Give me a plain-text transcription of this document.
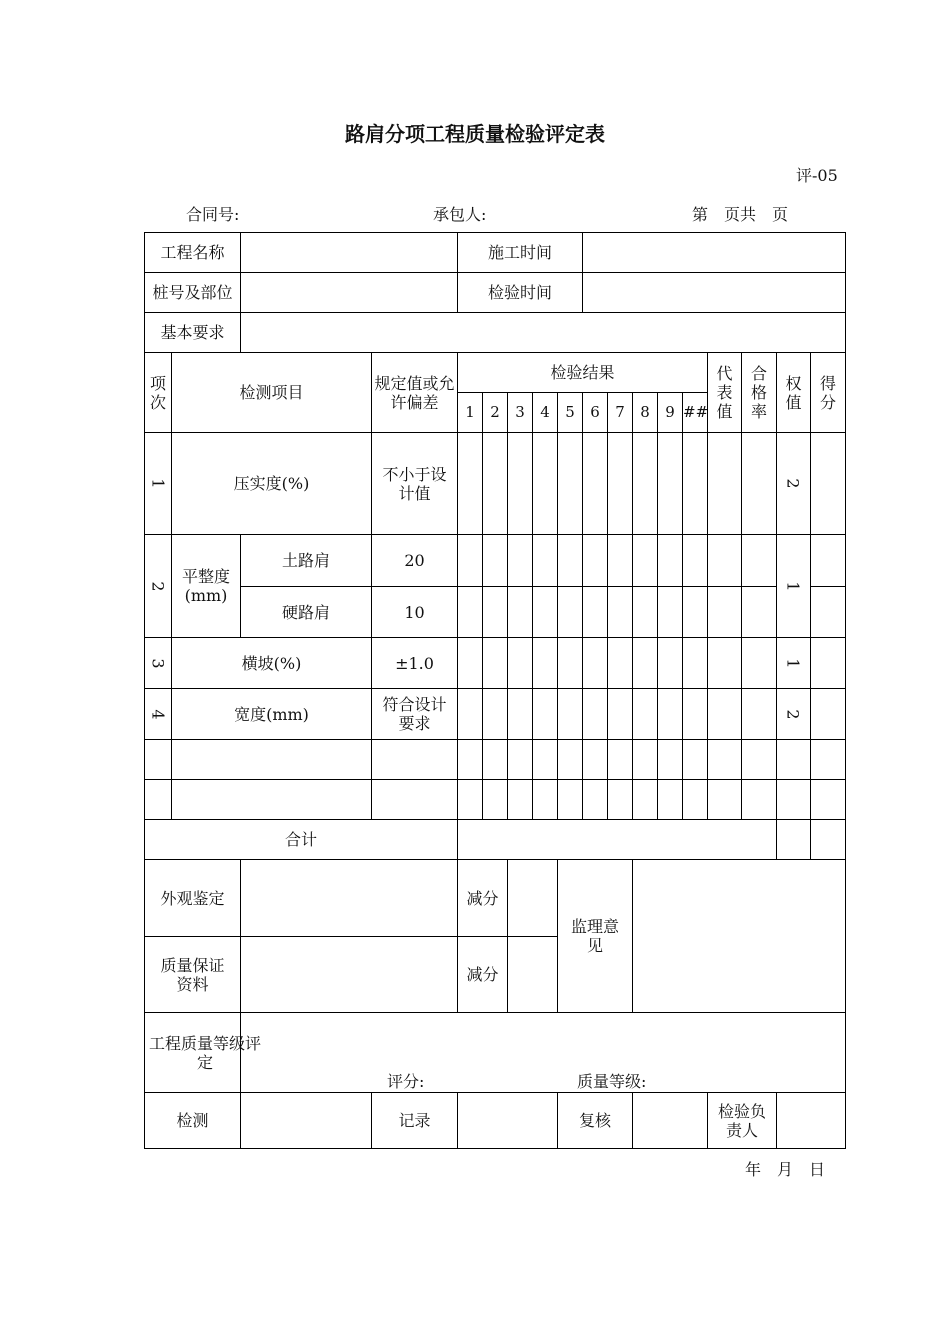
路肩分项工程质量检验评定表
评-05
合同号:	承包人:	第　页共　页
工程名称				施工时间													
桩号及部位				检验时间													
基本要求																	

项次	检测项目		规定值或允许偏差	检验结果										代表值	合格率	权值	得分

				1	2	3	4	5	6	7	8	9	##				
1	压实度(%)		不小于设计值													2	
2	平整度(mm)	土路肩	20													1	
		硬路肩	10														
3	横坡(%)		±1.0													1	
4	宽度(mm)		符合设计要求													2	

合计																	
外观鉴定				减分				监理意见									

质量保证资料				减分													

工程质量等级评定		评分: 质量等级:															

检测			记录					复核						检验负责人			

年　月　日
